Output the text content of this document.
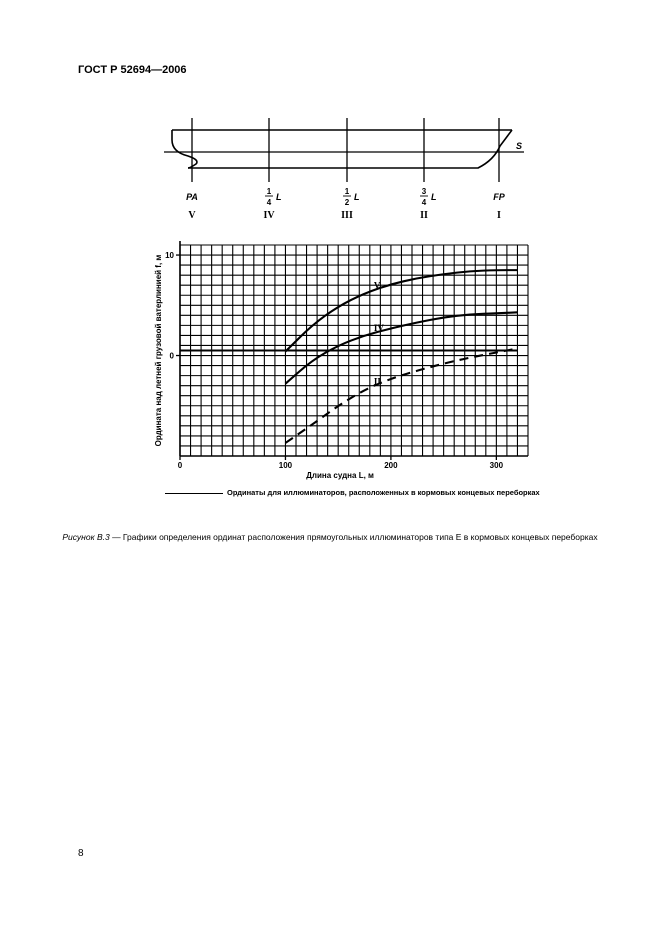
ГОСТ Р 52694—2006
S
PA
1
4
L
1
2
L
3
4
L	FP
V	IV	III	II	I
0	100	200	300
10
0
V
IV
II
Длина судна L, м
Ордината над летней грузовой ватерлинией f, м
Ординаты для иллюминаторов, расположенных в кормовых концевых переборках
Рисунок В.3 — Графики определения ординат расположения прямоугольных иллюминаторов типа Е в кормовых концевых переборках
8
